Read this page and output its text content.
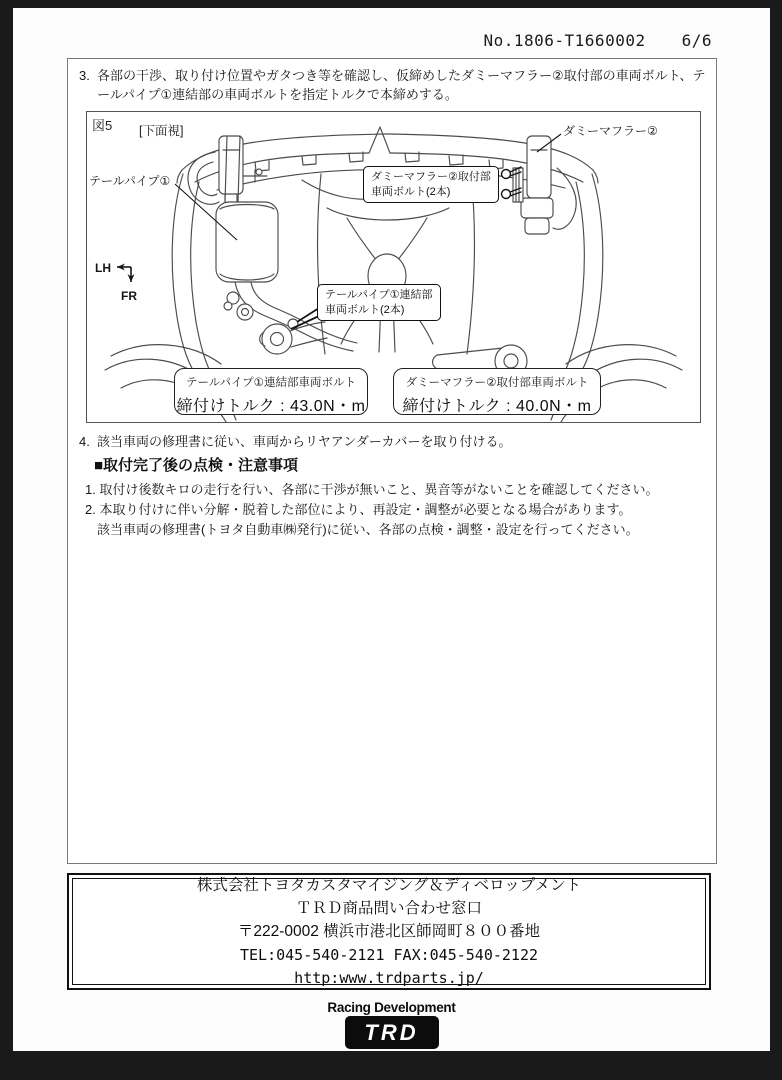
No.1806-T1660002 6/6
3. 各部の干渉、取り付け位置やガタつき等を確認し、仮締めしたダミーマフラー②取付部の車両ボルト、テールパイプ①連結部の車両ボルトを指定トルクで本締めする。
図5 [下面視]
テールパイプ①
ダミーマフラー②
ダミーマフラー②取付部
車両ボルト(2本)
テールパイプ①連結部
車両ボルト(2本)
LH
FR
テールパイプ①連結部車両ボルト
締付けトルク : 43.0N・m
ダミーマフラー②取付部車両ボルト
締付けトルク : 40.0N・m
4. 該当車両の修理書に従い、車両からリヤアンダーカバーを取り付ける。
■取付完了後の点検・注意事項
1. 取付け後数キロの走行を行い、各部に干渉が無いこと、異音等がないことを確認してください。
2. 本取り付けに伴い分解・脱着した部位により、再設定・調整が必要となる場合があります。
該当車両の修理書(トヨタ自動車㈱発行)に従い、各部の点検・調整・設定を行ってください。
株式会社トヨタカスタマイジング＆ディベロップメント
ＴＲＤ商品問い合わせ窓口
〒222-0002 横浜市港北区師岡町８００番地
TEL:045-540-2121 FAX:045-540-2122
http:www.trdparts.jp/
Racing Development
TRD
